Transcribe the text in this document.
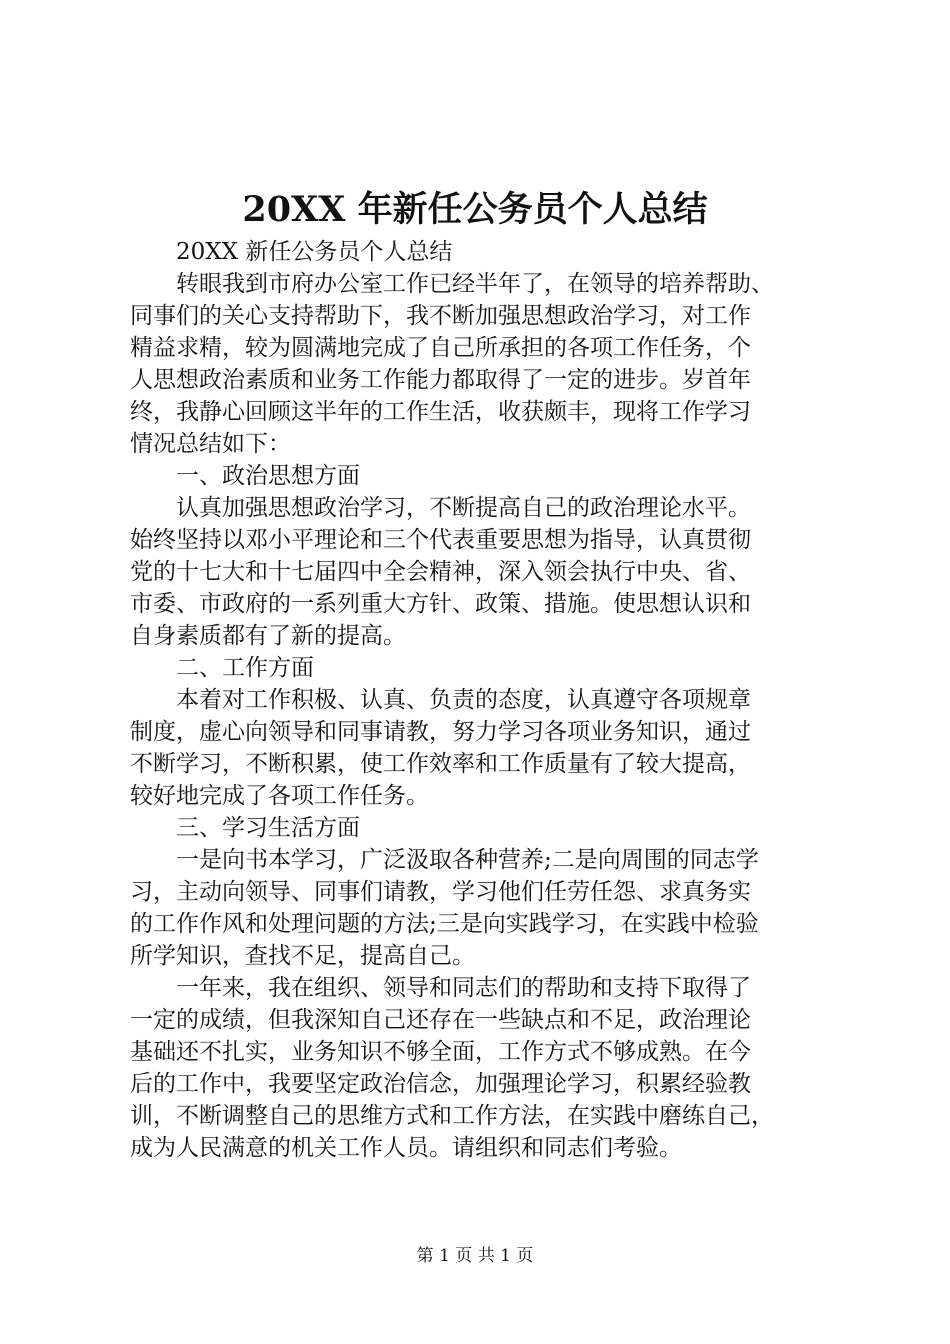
20XX 年新任公务员个人总结
20XX 新任公务员个人总结
转眼我到市府办公室工作已经半年了，在领导的培养帮助、
同事们的关心支持帮助下，我不断加强思想政治学习，对工作
精益求精，较为圆满地完成了自己所承担的各项工作任务，个
人思想政治素质和业务工作能力都取得了一定的进步。岁首年
终，我静心回顾这半年的工作生活，收获颇丰，现将工作学习
情况总结如下：
一、政治思想方面
认真加强思想政治学习，不断提高自己的政治理论水平。
始终坚持以邓小平理论和三个代表重要思想为指导，认真贯彻
党的十七大和十七届四中全会精神，深入领会执行中央、省、
市委、市政府的一系列重大方针、政策、措施。使思想认识和
自身素质都有了新的提高。
二、工作方面
本着对工作积极、认真、负责的态度，认真遵守各项规章
制度，虚心向领导和同事请教，努力学习各项业务知识，通过
不断学习，不断积累，使工作效率和工作质量有了较大提高，
较好地完成了各项工作任务。
三、学习生活方面
一是向书本学习，广泛汲取各种营养;二是向周围的同志学
习，主动向领导、同事们请教，学习他们任劳任怨、求真务实
的工作作风和处理问题的方法;三是向实践学习，在实践中检验
所学知识，查找不足，提高自己。
一年来，我在组织、领导和同志们的帮助和支持下取得了
一定的成绩，但我深知自己还存在一些缺点和不足，政治理论
基础还不扎实，业务知识不够全面，工作方式不够成熟。在今
后的工作中，我要坚定政治信念，加强理论学习，积累经验教
训，不断调整自己的思维方式和工作方法，在实践中磨练自己，
成为人民满意的机关工作人员。请组织和同志们考验。
第 1 页 共 1 页
